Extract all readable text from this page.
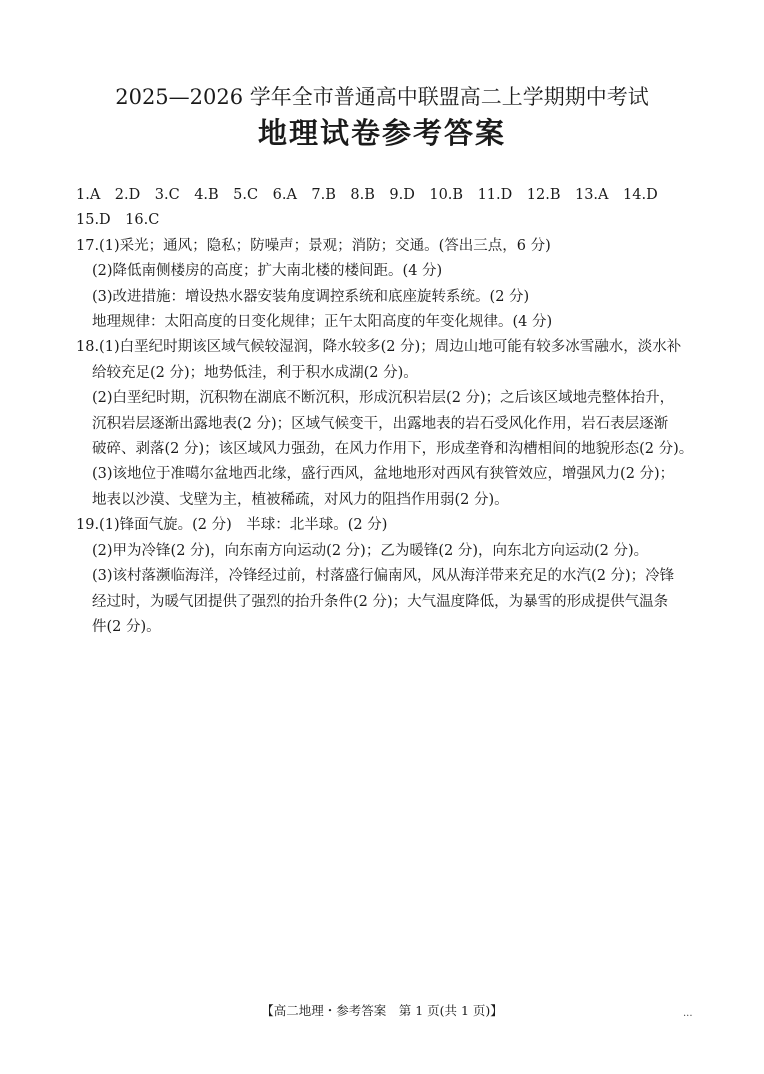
2025—2026 学年全市普通高中联盟高二上学期期中考试
地理试卷参考答案
1.A　2.D　3.C　4.B　5.C　6.A　7.B　8.B　9.D　10.B　11.D　12.B　13.A　14.D
15.D　16.C
17.(1)采光；通风；隐私；防噪声；景观；消防；交通。(答出三点，6 分)
(2)降低南侧楼房的高度；扩大南北楼的楼间距。(4 分)
(3)改进措施：增设热水器安装角度调控系统和底座旋转系统。(2 分)
地理规律：太阳高度的日变化规律；正午太阳高度的年变化规律。(4 分)
18.(1)白垩纪时期该区域气候较湿润，降水较多(2 分)；周边山地可能有较多冰雪融水，淡水补
给较充足(2 分)；地势低洼，利于积水成湖(2 分)。
(2)白垩纪时期，沉积物在湖底不断沉积，形成沉积岩层(2 分)；之后该区域地壳整体抬升，
沉积岩层逐渐出露地表(2 分)；区域气候变干，出露地表的岩石受风化作用，岩石表层逐渐
破碎、剥落(2 分)；该区域风力强劲，在风力作用下，形成垄脊和沟槽相间的地貌形态(2 分)。
(3)该地位于准噶尔盆地西北缘，盛行西风，盆地地形对西风有狭管效应，增强风力(2 分)；
地表以沙漠、戈壁为主，植被稀疏，对风力的阻挡作用弱(2 分)。
19.(1)锋面气旋。(2 分)　半球：北半球。(2 分)
(2)甲为冷锋(2 分)，向东南方向运动(2 分)；乙为暖锋(2 分)，向东北方向运动(2 分)。
(3)该村落濒临海洋，冷锋经过前，村落盛行偏南风，风从海洋带来充足的水汽(2 分)；冷锋
经过时，为暖气团提供了强烈的抬升条件(2 分)；大气温度降低，为暴雪的形成提供气温条
件(2 分)。
【高二地理・参考答案　第 1 页(共 1 页)】	...
